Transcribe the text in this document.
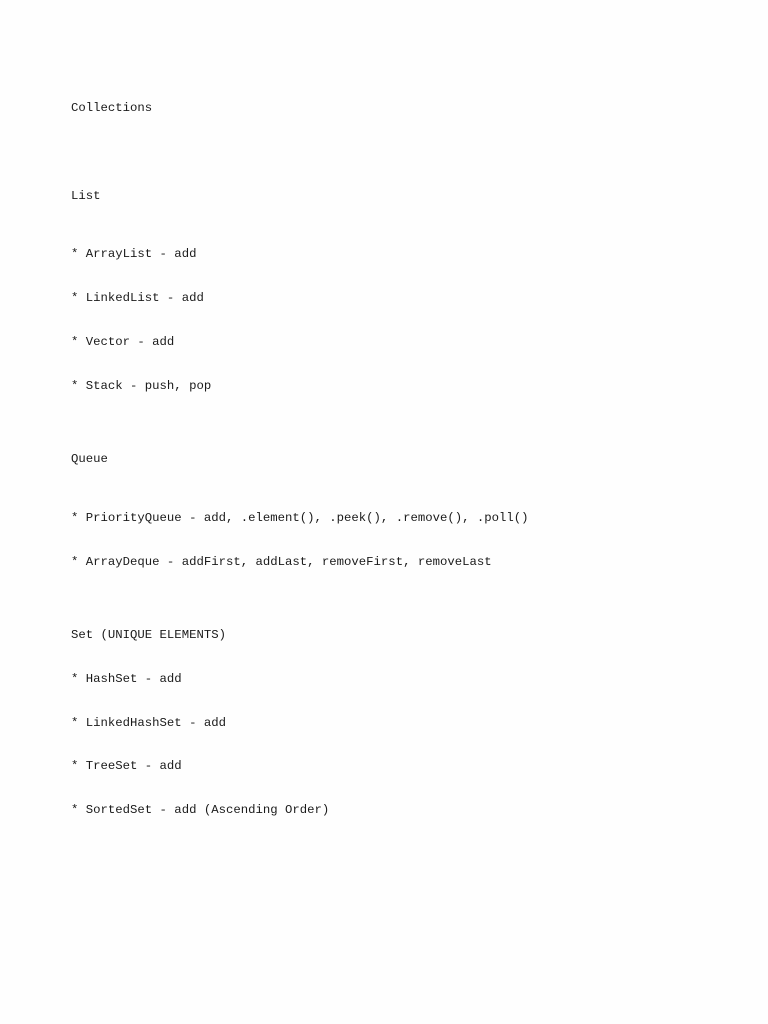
Collections

List

* ArrayList - add

* LinkedList - add

* Vector - add

* Stack - push, pop

Queue

* PriorityQueue - add, .element(), .peek(), .remove(), .poll()

* ArrayDeque - addFirst, addLast, removeFirst, removeLast

Set (UNIQUE ELEMENTS)

* HashSet - add

* LinkedHashSet - add

* TreeSet - add

* SortedSet - add (Ascending Order)
